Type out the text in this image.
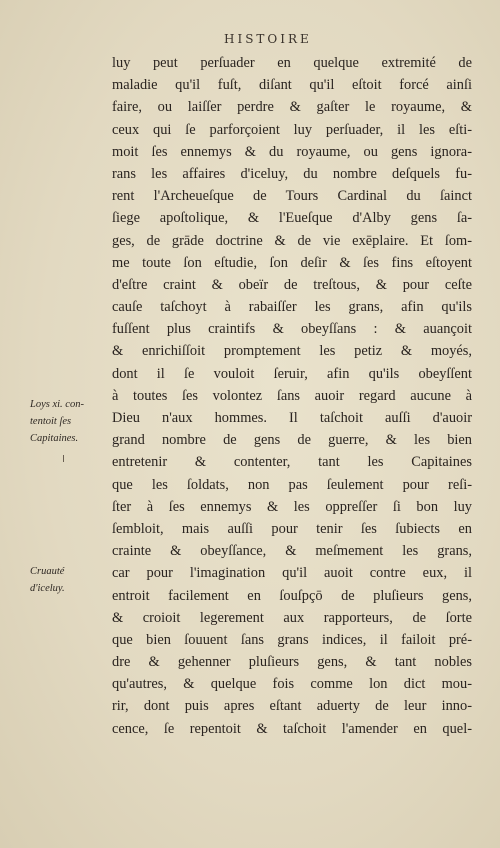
HISTOIRE
luy peut perſuader en quelque extremité de
maladie qu'il fuſt, diſant qu'il eſtoit forcé ainſi
faire, ou laiſſer perdre & gaſter le royaume, &
ceux qui ſe parforçoient luy perſuader, il les eſti-
moit ſes ennemys & du royaume, ou gens ignora-
rans les affaires d'iceluy, du nombre deſquels fu-
rent l'Archeueſque de Tours Cardinal du ſainct
ſiege apoſtolique, & l'Eueſque d'Alby gens ſa-
ges, de grāde doctrine & de vie exēplaire. Et ſom-
me toute ſon eſtudie, ſon deſir & ſes fins eſtoyent
d'eſtre craint & obeïr de treſtous, & pour ceſte
cauſe taſchoyt à rabaiſſer les grans, afin qu'ils
fuſſent plus craintifs & obeyſſans : & auançoit
& enrichiſſoit promptement les petiz & moyés,
dont il ſe vouloit ſeruir, afin qu'ils obeyſſent
à toutes ſes volontez ſans auoir regard aucune à
Dieu n'aux hommes. Il taſchoit auſſi d'auoir
grand nombre de gens de guerre, & les bien
entretenir & contenter, tant les Capitaines
que les ſoldats, non pas ſeulement pour reſi-
ſter à ſes ennemys & les oppreſſer ſi bon luy
ſembloit, mais auſſi pour tenir ſes ſubiects en
crainte & obeyſſance, & meſmement les grans,
car pour l'imagination qu'il auoit contre eux, il
entroit facilement en ſouſpçō de pluſieurs gens,
& croioit legerement aux rapporteurs, de ſorte
que bien ſouuent ſans grans indices, il failoit pré-
dre & gehenner pluſieurs gens, & tant nobles
qu'autres, & quelque fois comme lon dict mou-
rir, dont puis apres eſtant aduerty de leur inno-
cence, ſe repentoit & taſchoit l'amender en quel-
Loys xi. con-
tentoit ſes
Capitaines.
Cruauté
d'iceluy.
